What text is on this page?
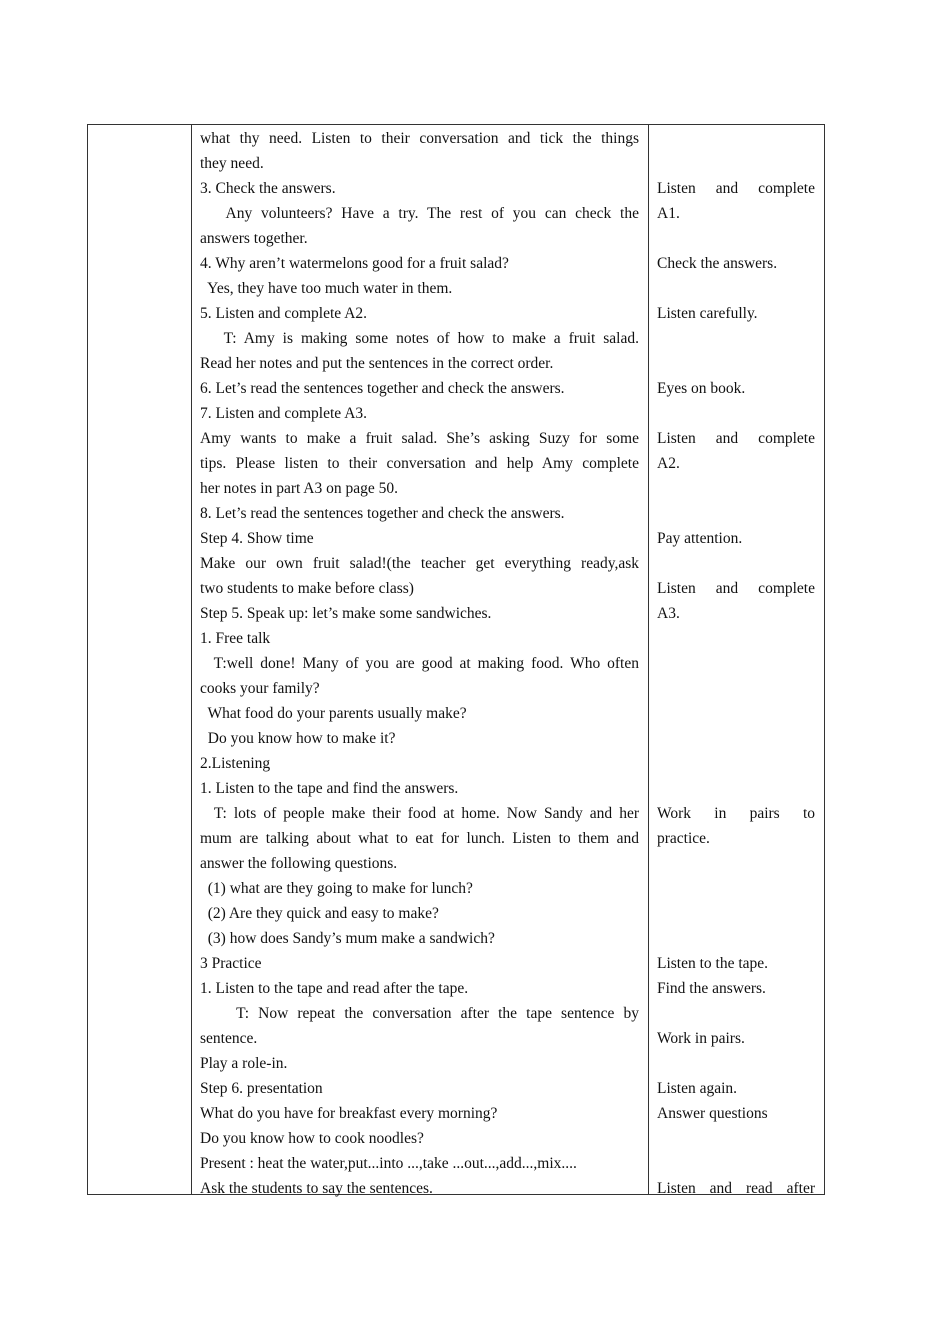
what thy need. Listen to their conversation and tick the things
they need.
3. Check the answers.
Any volunteers? Have a try. The rest of you can check the
answers together.
4. Why aren’t watermelons good for a fruit salad?
Yes, they have too much water in them.
5. Listen and complete A2.
T: Amy is making some notes of how to make a fruit salad.
Read her notes and put the sentences in the correct order.
6. Let’s read the sentences together and check the answers.
7. Listen and complete A3.
Amy wants to make a fruit salad. She’s asking Suzy for some
tips. Please listen to their conversation and help Amy complete
her notes in part A3 on page 50.
8. Let’s read the sentences together and check the answers.
Step 4. Show time
Make our own fruit salad!(the teacher get everything ready,ask
two students to make before class)
Step 5. Speak up: let’s make some sandwiches.
1. Free talk
T:well done! Many of you are good at making food. Who often
cooks your family?
What food do your parents usually make?
Do you know how to make it?
2.Listening
1. Listen to the tape and find the answers.
T: lots of people make their food at home. Now Sandy and her
mum are talking about what to eat for lunch. Listen to them and
answer the following questions.
(1) what are they going to make for lunch?
(2) Are they quick and easy to make?
(3) how does Sandy’s mum make a sandwich?
3 Practice
1. Listen to the tape and read after the tape.
T: Now repeat the conversation after the tape sentence by
sentence.
Play a role-in.
Step 6. presentation
What do you have for breakfast every morning?
Do you know how to cook noodles?
Present : heat the water,put...into ...,take ...out...,add...,mix....
Ask the students to say the sentences.
Listen and complete
A1.
Check the answers.
Listen carefully.
Eyes on book.
Listen and complete
A2.
Pay attention.
Listen and complete
A3.
Work in pairs to
practice.
Listen to the tape.
Find the answers.
Work in pairs.
Listen again.
Answer questions
Listen and read after
